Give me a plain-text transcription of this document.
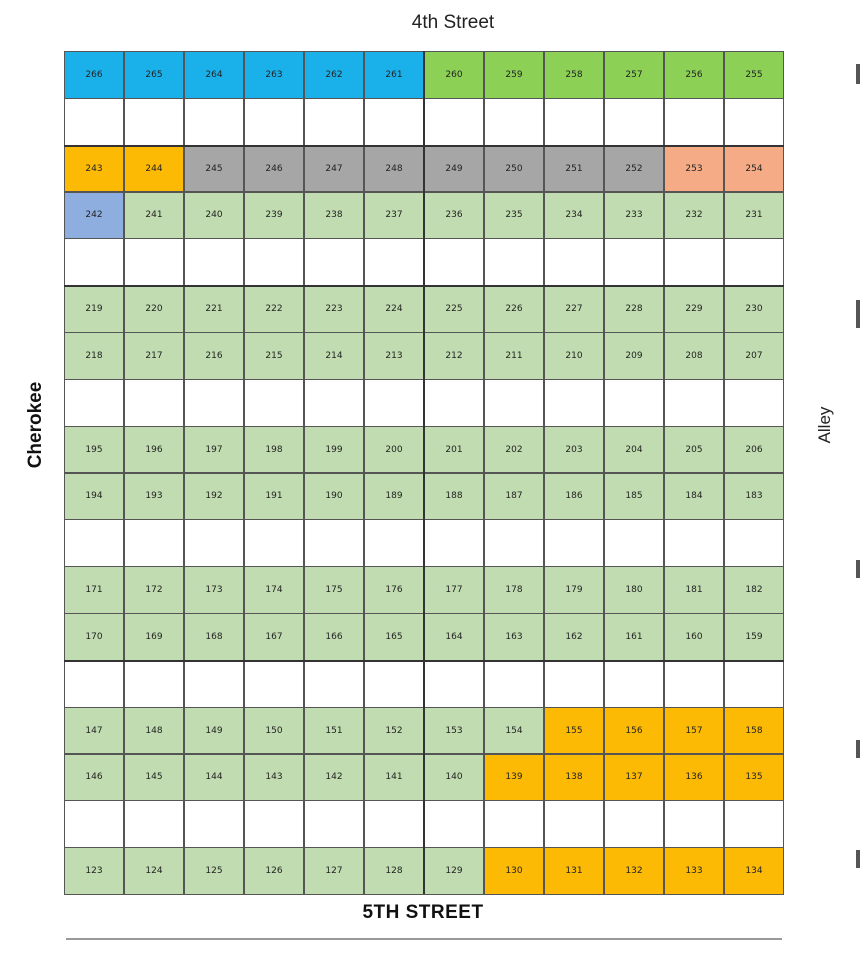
4th Street
Cherokee	Alley
266	265	264	263	262	261	260	259	258	257	256	255
243	244	245	246	247	248	249	250	251	252	253	254
242	241	240	239	238	237	236	235	234	233	232	231
219	220	221	222	223	224	225	226	227	228	229	230
218	217	216	215	214	213	212	211	210	209	208	207
195	196	197	198	199	200	201	202	203	204	205	206
194	193	192	191	190	189	188	187	186	185	184	183
171	172	173	174	175	176	177	178	179	180	181	182
170	169	168	167	166	165	164	163	162	161	160	159
147	148	149	150	151	152	153	154	155	156	157	158
146	145	144	143	142	141	140	139	138	137	136	135
123	124	125	126	127	128	129	130	131	132	133	134
5TH STREET
